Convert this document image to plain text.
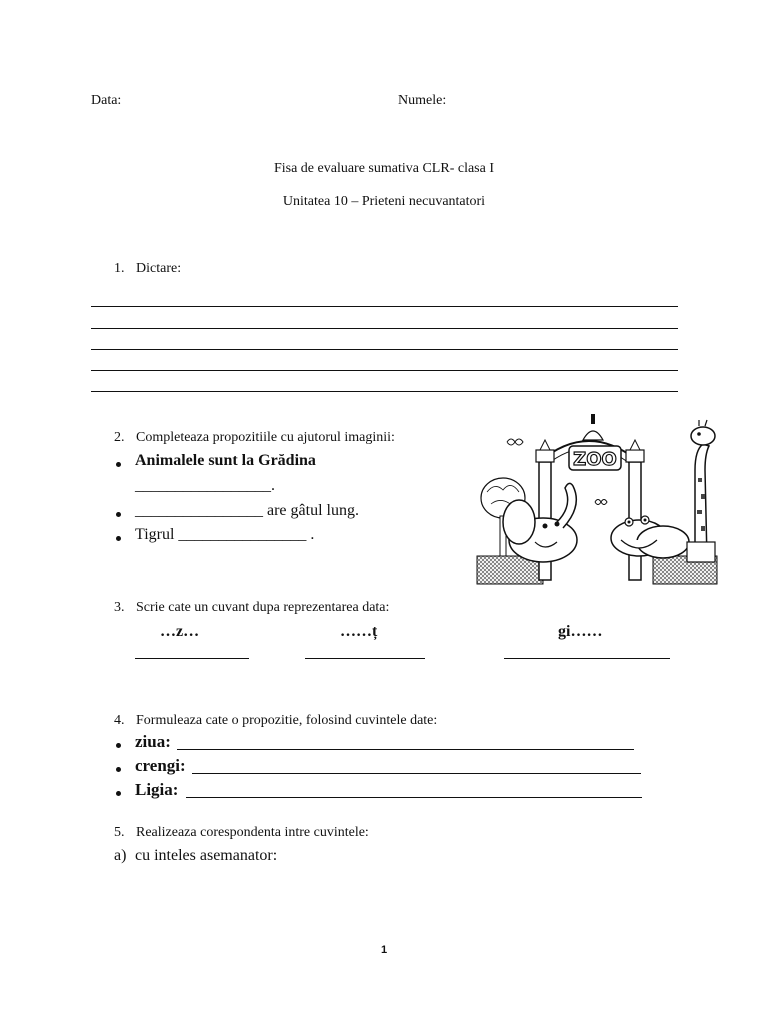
Data:	Numele:
Fisa de evaluare sumativa CLR- clasa I
Unitatea 10 – Prieteni necuvantatori
1. Dictare:
2. Completeaza propozitiile cu ajutorul imaginii:
Animalele sunt la Grădina
_________________.
________________ are gâtul lung.
Tigrul ________________ .
ZOO
3. Scrie cate un cuvant dupa reprezentarea data:
…z…	……ț	gi……
4. Formuleaza cate o propozitie, folosind cuvintele date:
ziua:
crengi:
Ligia:
5. Realizeaza corespondenta intre cuvintele:
a) cu inteles asemanator:
1
